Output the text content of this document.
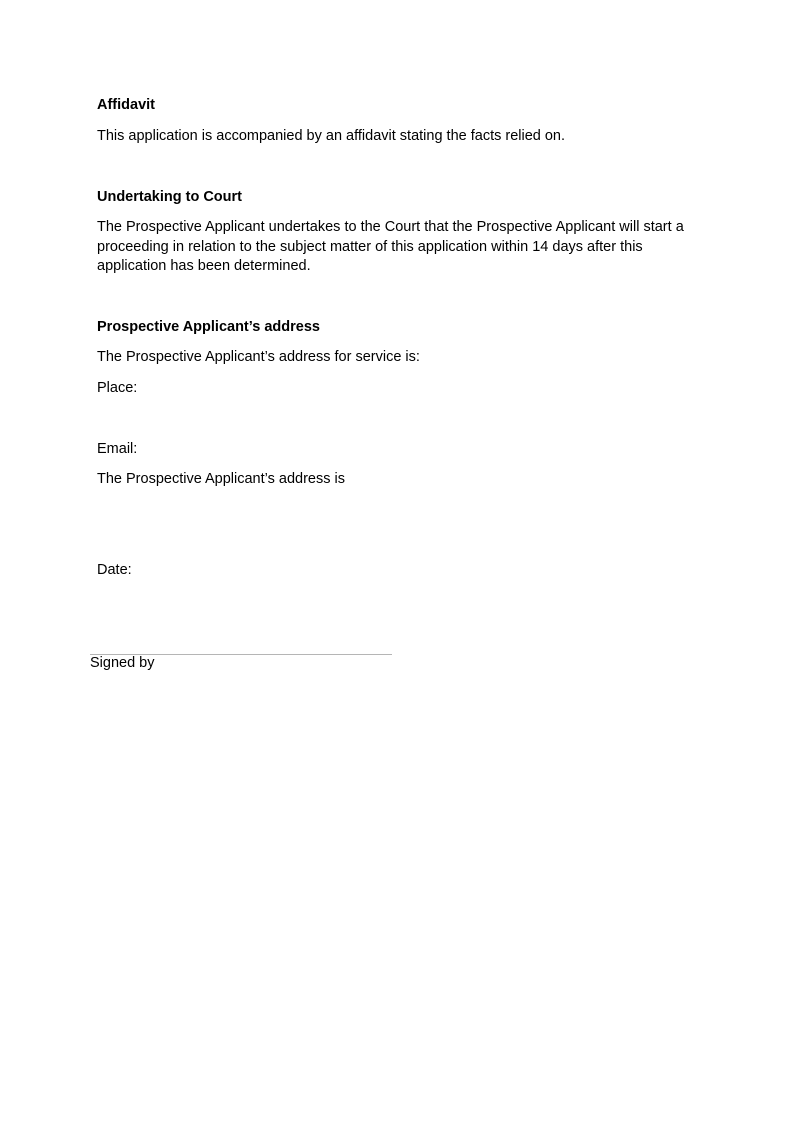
Affidavit
This application is accompanied by an affidavit stating the facts relied on.
Undertaking to Court
The Prospective Applicant undertakes to the Court that the Prospective Applicant will start a
proceeding in relation to the subject matter of this application within 14 days after this
application has been determined.
Prospective Applicant’s address
The Prospective Applicant’s address for service is:
Place:
Email:
The Prospective Applicant’s address is
Date:
Signed by
